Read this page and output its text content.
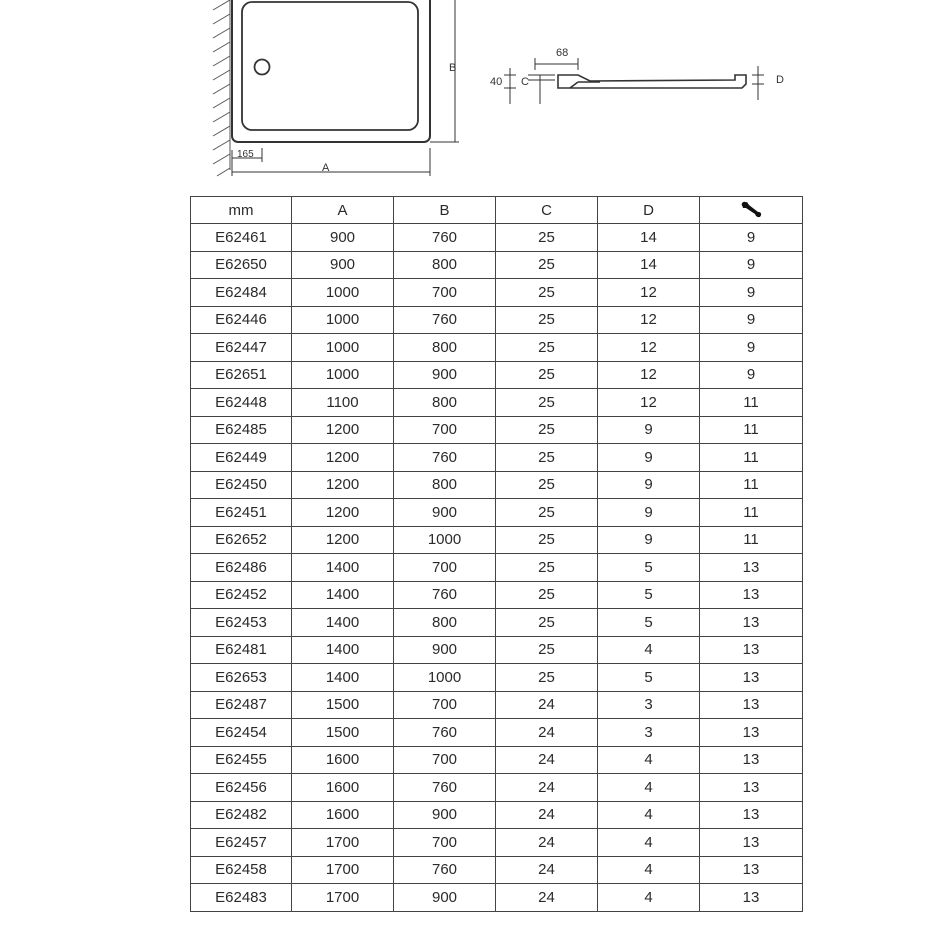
B
165
A
68
40 C	D
mm	A	B	C	D	
E62461	900	760	25	14	9
E62650	900	800	25	14	9
E62484	1000	700	25	12	9
E62446	1000	760	25	12	9
E62447	1000	800	25	12	9
E62651	1000	900	25	12	9
E62448	1100	800	25	12	11
E62485	1200	700	25	9	11
E62449	1200	760	25	9	11
E62450	1200	800	25	9	11
E62451	1200	900	25	9	11
E62652	1200	1000	25	9	11
E62486	1400	700	25	5	13
E62452	1400	760	25	5	13
E62453	1400	800	25	5	13
E62481	1400	900	25	4	13
E62653	1400	1000	25	5	13
E62487	1500	700	24	3	13
E62454	1500	760	24	3	13
E62455	1600	700	24	4	13
E62456	1600	760	24	4	13
E62482	1600	900	24	4	13
E62457	1700	700	24	4	13
E62458	1700	760	24	4	13
E62483	1700	900	24	4	13
